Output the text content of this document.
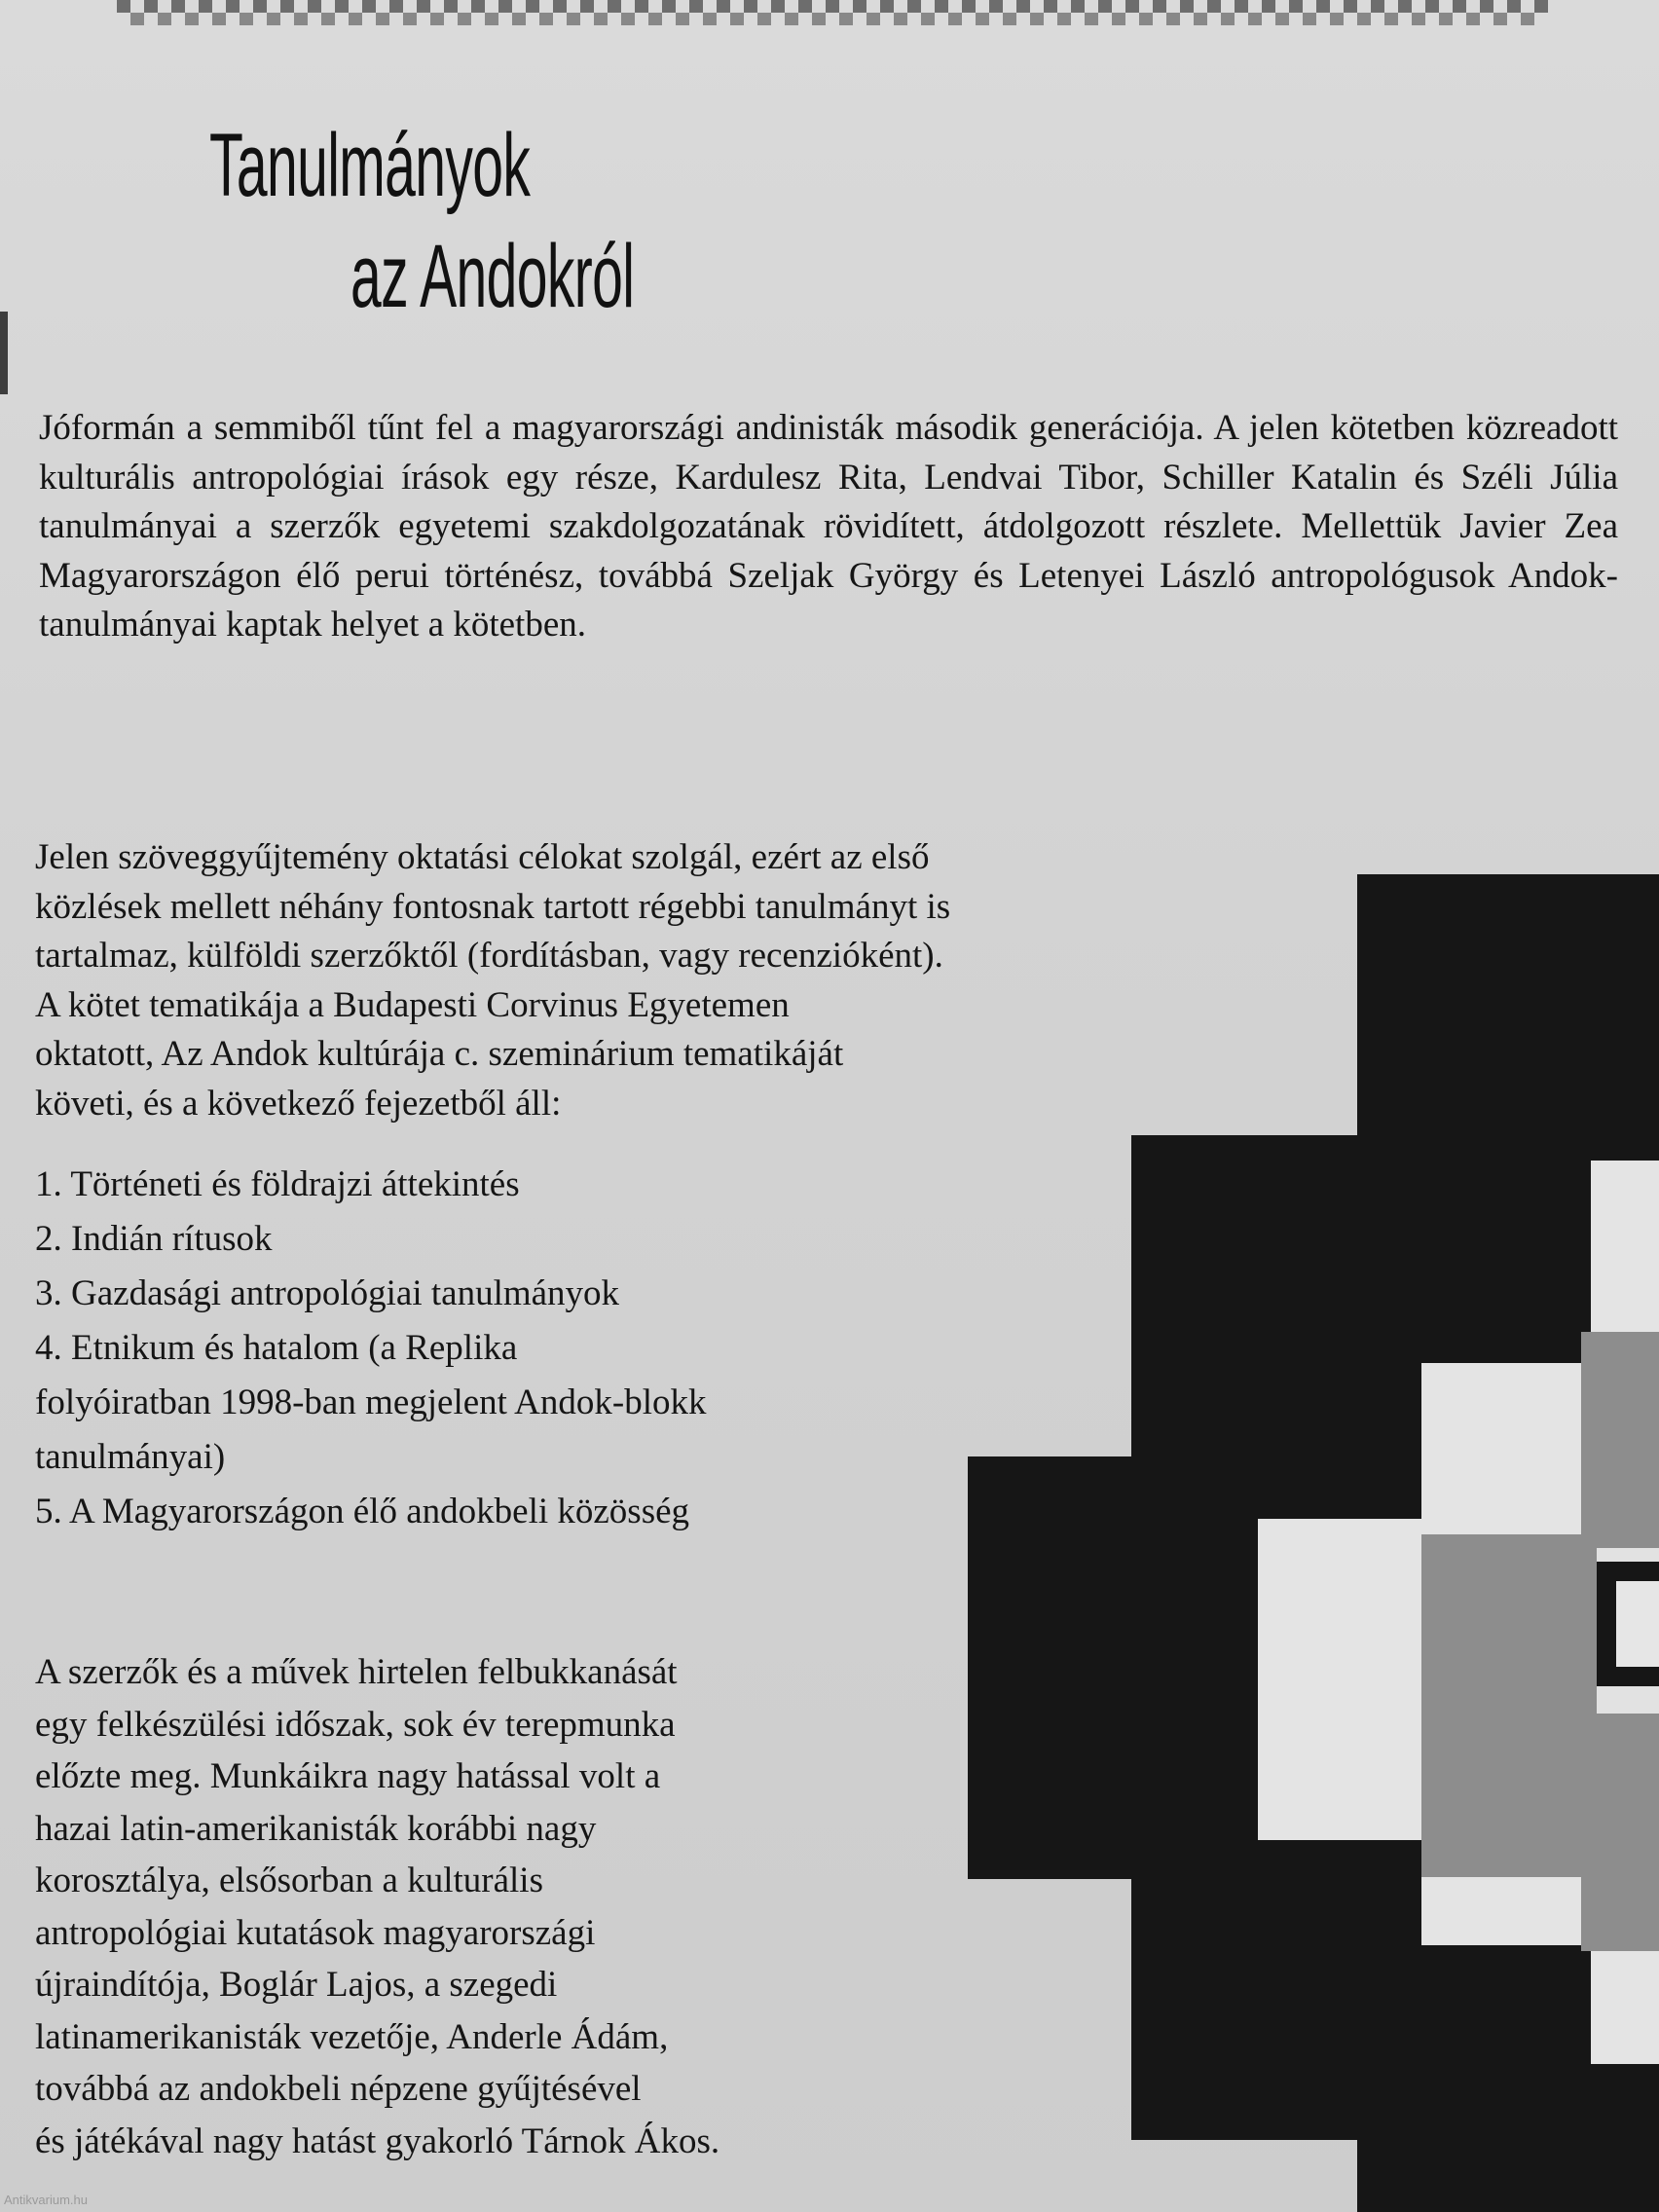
Tanulmányok
az Andokról

Jóformán a semmiből tűnt fel a magyarországi andinisták második generációja. A jelen kötetben közreadott kulturális antropológiai írások egy része, Kardulesz Rita, Lendvai Tibor, Schiller Katalin és Széli Júlia tanulmányai a szerzők egyetemi szakdolgozatának rövidített, átdolgozott részlete. Mellettük Javier Zea Magyarországon élő perui történész, továbbá Szeljak György és Letenyei László antropológusok Andok-tanulmányai kaptak helyet a kötetben.

Jelen szöveggyűjtemény oktatási célokat szolgál, ezért az első
közlések mellett néhány fontosnak tartott régebbi tanulmányt is
tartalmaz, külföldi szerzőktől (fordításban, vagy recenzióként).
A kötet tematikája a Budapesti Corvinus Egyetemen
oktatott, Az Andok kultúrája c. szeminárium tematikáját
követi, és a következő fejezetből áll:

1. Történeti és földrajzi áttekintés
2. Indián rítusok
3. Gazdasági antropológiai tanulmányok
4. Etnikum és hatalom (a Replika
folyóiratban 1998-ban megjelent Andok-blokk
tanulmányai)
5. A Magyarországon élő andokbeli közösség

A szerzők és a művek hirtelen felbukkanását
egy felkészülési időszak, sok év terepmunka
előzte meg. Munkáikra nagy hatással volt a
hazai latin-amerikanisták korábbi nagy
korosztálya, elsősorban a kulturális
antropológiai kutatások magyarországi
újraindítója, Boglár Lajos, a szegedi
latinamerikanisták vezetője, Anderle Ádám,
továbbá az andokbeli népzene gyűjtésével
és játékával nagy hatást gyakorló Tárnok Ákos.

Antikvarium.hu
